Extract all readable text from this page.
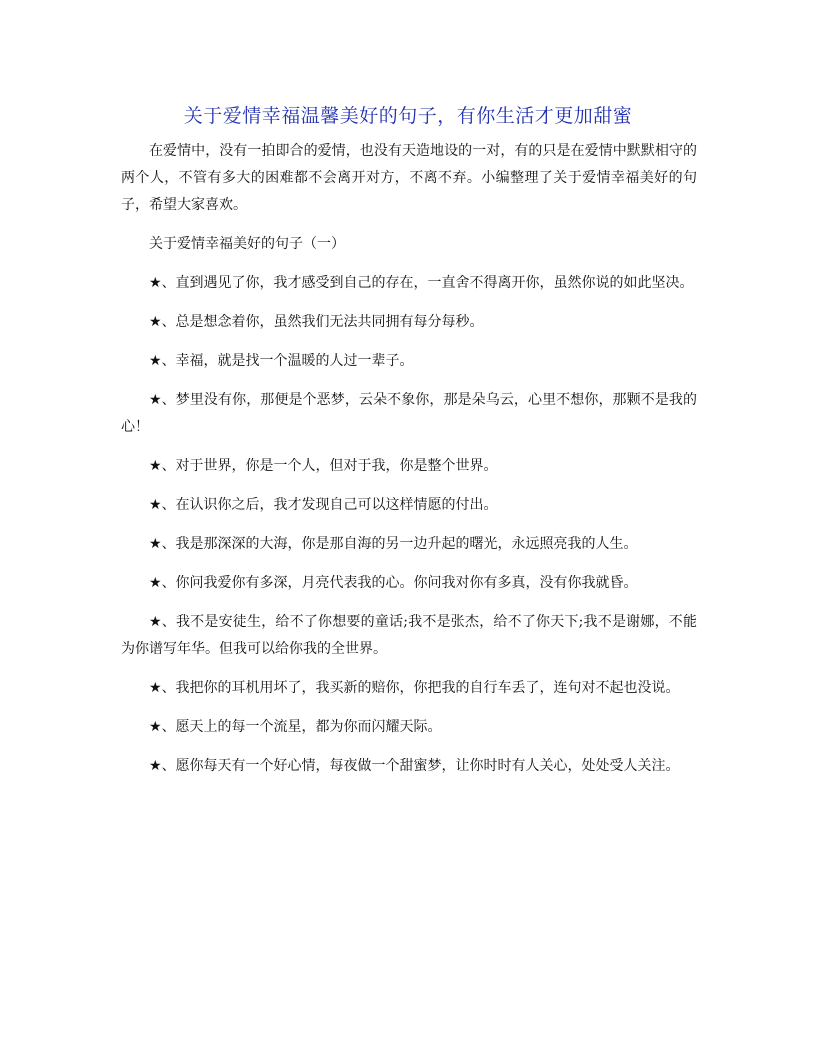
关于爱情幸福温馨美好的句子，有你生活才更加甜蜜

在爱情中，没有一拍即合的爱情，也没有天造地设的一对，有的只是在爱情中默默相守的两个人，不管有多大的困难都不会离开对方，不离不弃。小编整理了关于爱情幸福美好的句子，希望大家喜欢。

关于爱情幸福美好的句子（一）

★、直到遇见了你，我才感受到自己的存在，一直舍不得离开你，虽然你说的如此坚决。

★、总是想念着你，虽然我们无法共同拥有每分每秒。

★、幸福，就是找一个温暖的人过一辈子。

★、梦里没有你，那便是个恶梦，云朵不象你，那是朵乌云，心里不想你，那颗不是我的心！

★、对于世界，你是一个人，但对于我，你是整个世界。

★、在认识你之后，我才发现自己可以这样情愿的付出。

★、我是那深深的大海，你是那自海的另一边升起的曙光，永远照亮我的人生。

★、你问我爱你有多深，月亮代表我的心。你问我对你有多真，没有你我就昏。

★、我不是安徒生，给不了你想要的童话;我不是张杰，给不了你天下;我不是谢娜，不能为你谱写年华。但我可以给你我的全世界。

★、我把你的耳机用坏了，我买新的赔你，你把我的自行车丢了，连句对不起也没说。

★、愿天上的每一个流星，都为你而闪耀天际。

★、愿你每天有一个好心情，每夜做一个甜蜜梦，让你时时有人关心，处处受人关注。
